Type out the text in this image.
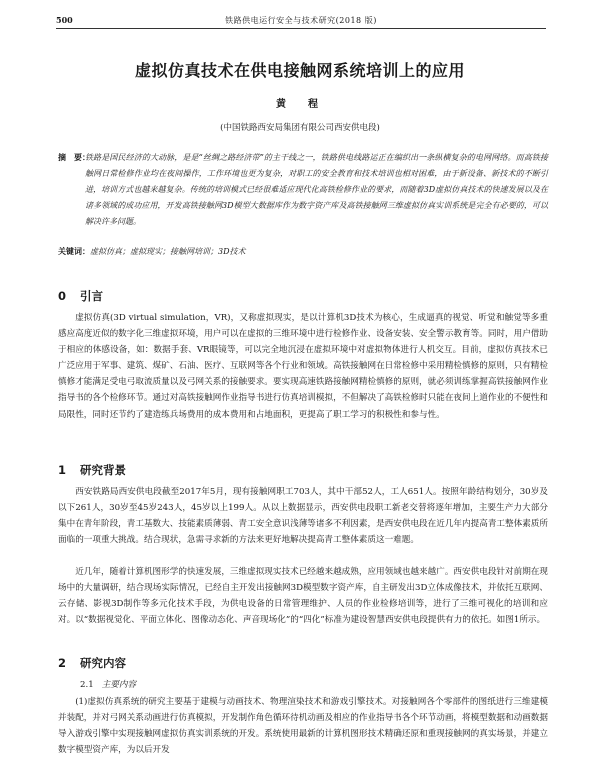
500	铁路供电运行安全与技术研究(2018 版)
虚拟仿真技术在供电接触网系统培训上的应用
黄　程
(中国铁路西安局集团有限公司西安供电段)
摘　要：
铁路是国民经济的大动脉，是是“丝绸之路经济带”的主干线之一，铁路供电线路运正在编织出一条纵横复杂的电网网络。而高铁接触网日常检修作业均在夜间操作，工作环境也更为复杂，对职工的安全教育和技术培训也相对困难，由于新设备、新技术的不断引进，培训方式也越来越复杂。传统的培训模式已经很难适应现代化高铁检修作业的要求，而随着3D虚拟仿真技术的快速发展以及在诸多领域的成功应用，开发高铁接触网3D模型大数据库作为数字资产库及高铁接触网三维虚拟仿真实训系统是完全有必要的，可以解决许多问题。
关键词：虚拟仿真；虚拟现实；接触网培训；3D技术
0 引言

虚拟仿真(3D virtual simulation，VR)，又称虚拟现实，是以计算机3D技术为核心，生成逼真的视觉、听觉和触觉等多重感应高度近似的数字化三维虚拟环境，用户可以在虚拟的三维环境中进行检修作业、设备安装、安全警示教育等。同时，用户借助于相应的体感设备，如：数据手套、VR眼镜等，可以完全地沉浸在虚拟环境中对虚拟物体进行人机交互。目前，虚拟仿真技术已广泛应用于军事、建筑、煤矿、石油、医疗、互联网等各个行业和领域。高铁接触网在日常检修中采用精检慎修的原则，只有精检慎修才能满足受电弓取流质量以及弓网关系的接触要求。要实现高速铁路接触网精检慎修的原则，就必须训练掌握高铁接触网作业指导书的各个检修环节。通过对高铁接触网作业指导书进行仿真培训模拟，不但解决了高铁检修时只能在夜间上道作业的不便性和局限性，同时还节约了建造练兵场费用的成本费用和占地面积，更提高了职工学习的积极性和参与性。

1 研究背景

西安铁路局西安供电段截至2017年5月，现有接触网职工703人，其中干部52人，工人651人。按照年龄结构划分，30岁及以下261人，30岁至45岁243人，45岁以上199人。从以上数据显示，西安供电段职工新老交替将逐年增加，主要生产力大部分集中在青年阶段，青工基数大、技能素质薄弱、青工安全意识浅薄等诸多不利因素，是西安供电段在近几年内提高青工整体素质所面临的一项重大挑战。结合现状，急需寻求新的方法来更好地解决提高青工整体素质这一难题。

近几年，随着计算机图形学的快速发展，三维虚拟现实技术已经越来越成熟，应用领域也越来越广。西安供电段针对前期在现场中的大量调研，结合现场实际情况，已经自主开发出接触网3D模型数字资产库，自主研发出3D立体成像技术，并依托互联网、云存储、影视3D制作等多元化技术手段，为供电设备的日常管理维护、人员的作业检修培训等，进行了三维可视化的培训和应对。以“数据视觉化、平面立体化、图像动态化、声音现场化”的“四化”标准为建设智慧西安供电段提供有力的依托。如图1所示。

2 研究内容
2.1 主要内容

(1)虚拟仿真系统的研究主要基于建模与动画技术、物理渲染技术和游戏引擎技术。对接触网各个零部件的图纸进行三维建模并装配，并对弓网关系动画进行仿真模拟，开发制作角色循环待机动画及相应的作业指导书各个环节动画，将模型数据和动画数据导入游戏引擎中实现接触网虚拟仿真实训系统的开发。系统使用最新的计算机图形技术精确还原和重现接触网的真实场景，并建立数字模型资产库，为以后开发
